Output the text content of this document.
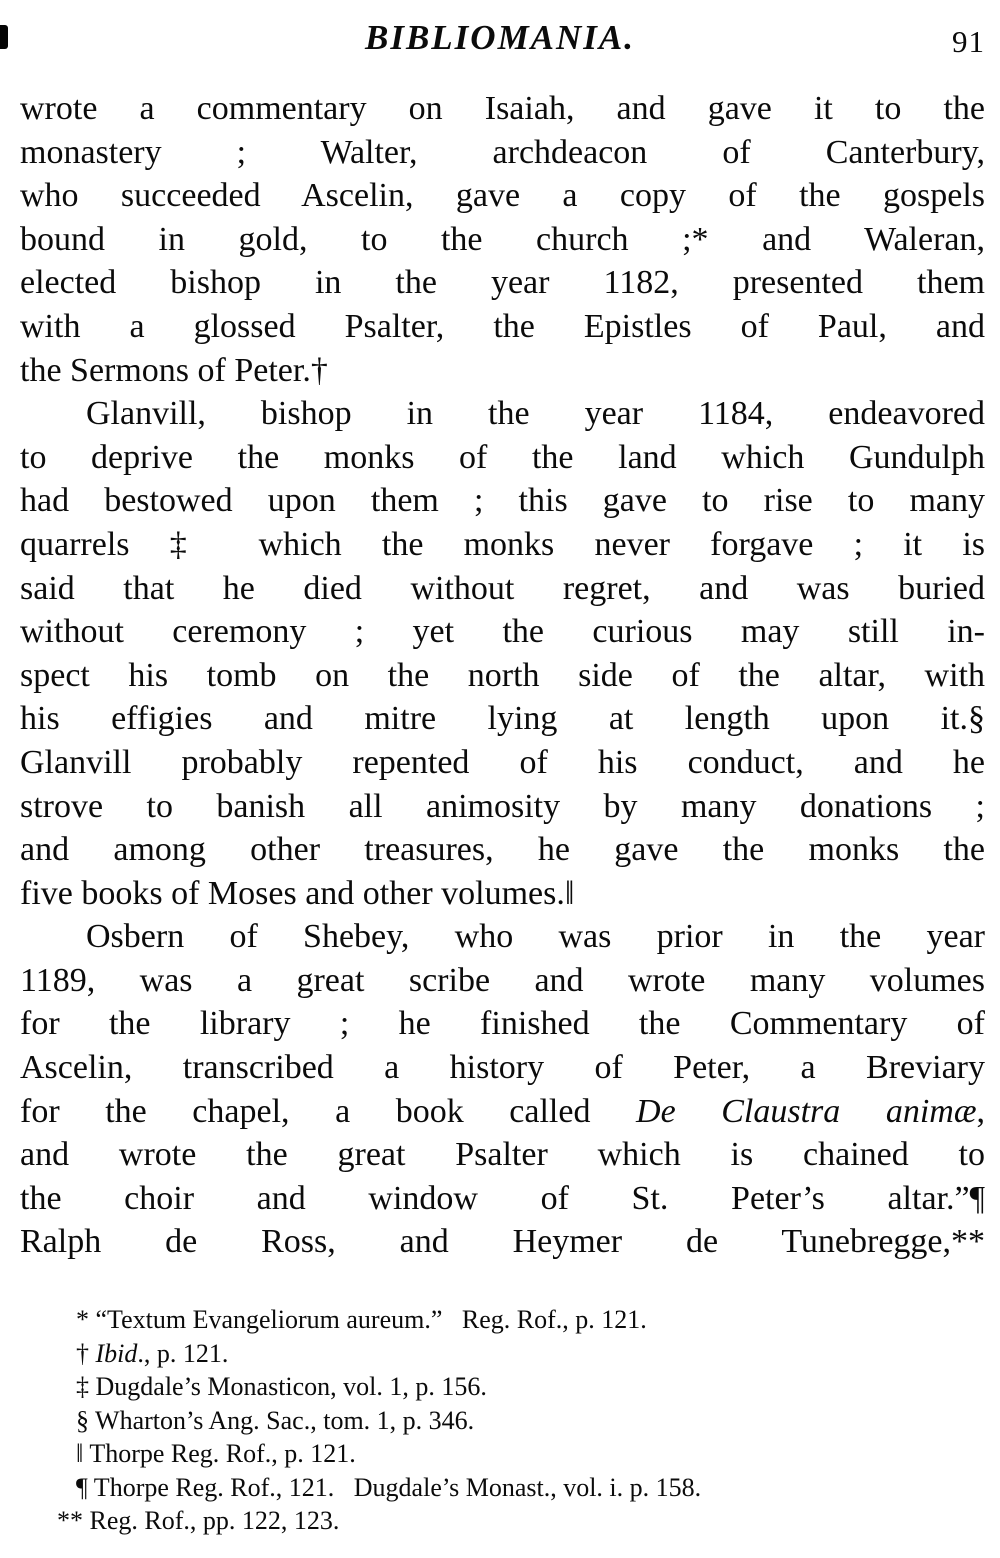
BIBLIOMANIA.	91
wrote a commentary on Isaiah, and gave it to the
monastery ; Walter, archdeacon of Canterbury,
who succeeded Ascelin, gave a copy of the gospels
bound in gold, to the church ;* and Waleran,
elected bishop in the year 1182, presented them
with a glossed Psalter, the Epistles of Paul, and
the Sermons of Peter.†
Glanvill, bishop in the year 1184, endeavored
to deprive the monks of the land which Gundulph
had bestowed upon them ; this gave to rise to many
quarrels ‡ which the monks never forgave ; it is
said that he died without regret, and was buried
without ceremony ; yet the curious may still in-
spect his tomb on the north side of the altar, with
his effigies and mitre lying at length upon it.§
Glanvill probably repented of his conduct, and he
strove to banish all animosity by many donations ;
and among other treasures, he gave the monks the
five books of Moses and other volumes.‖
Osbern of Shebey, who was prior in the year
1189, was a great scribe and wrote many volumes
for the library ; he finished the Commentary of
Ascelin, transcribed a history of Peter, a Breviary
for the chapel, a book called De Claustra animæ,
and wrote the great Psalter which is chained to
the choir and window of St. Peter’s altar.”¶
Ralph de Ross, and Heymer de Tunebregge,**
* “Textum Evangeliorum aureum.”   Reg. Rof., p. 121.
† Ibid., p. 121.
‡ Dugdale’s Monasticon, vol. 1, p. 156.
§ Wharton’s Ang. Sac., tom. 1, p. 346.
‖ Thorpe Reg. Rof., p. 121.
¶ Thorpe Reg. Rof., 121.   Dugdale’s Monast., vol. i. p. 158.
** Reg. Rof., pp. 122, 123.
